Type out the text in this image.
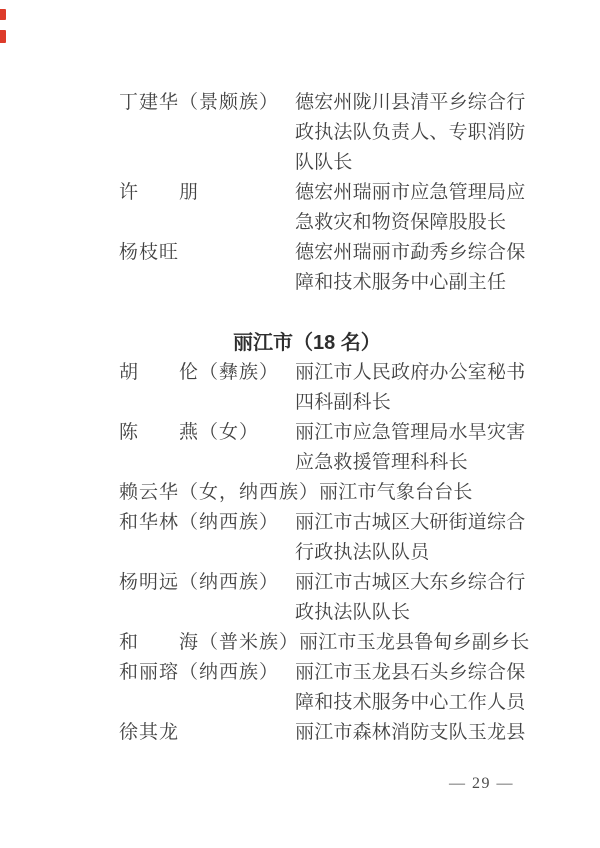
丁建华（景颇族） 德宏州陇川县清平乡综合行
政执法队负责人、专职消防
队队长
许　　朋	德宏州瑞丽市应急管理局应
急救灾和物资保障股股长
杨枝旺	德宏州瑞丽市勐秀乡综合保
障和技术服务中心副主任
丽江市（18 名）
胡　　伦（彝族） 丽江市人民政府办公室秘书
四科副科长
陈　　燕（女）	丽江市应急管理局水旱灾害
应急救援管理科科长
赖云华（女，纳西族） 丽江市气象台台长
和华林（纳西族） 丽江市古城区大研街道综合
行政执法队队员
杨明远（纳西族） 丽江市古城区大东乡综合行
政执法队队长
和　　海（普米族） 丽江市玉龙县鲁甸乡副乡长
和丽瑢（纳西族） 丽江市玉龙县石头乡综合保
障和技术服务中心工作人员
徐其龙	丽江市森林消防支队玉龙县
— 29 —
